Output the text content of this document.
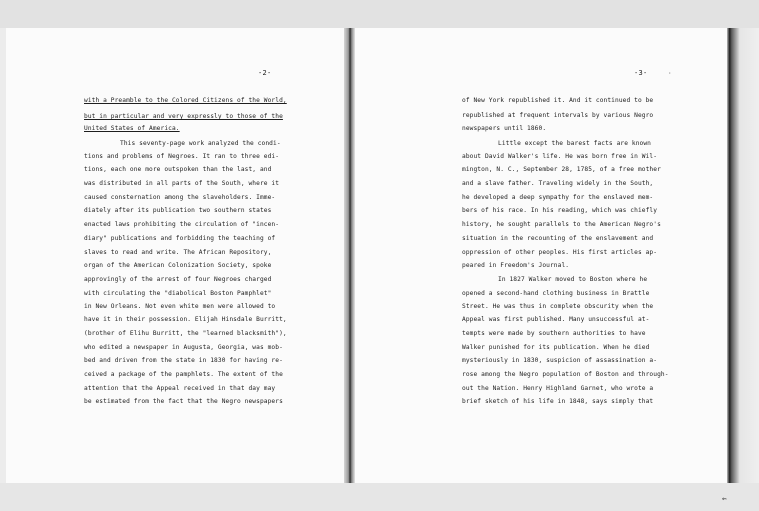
-2-	-3-
with a Preamble to the Colored Citizens of the World,
but in particular and very expressly to those of the
United States of America.
This seventy-page work analyzed the condi-
tions and problems of Negroes. It ran to three edi-
tions, each one more outspoken than the last, and
was distributed in all parts of the South, where it
caused consternation among the slaveholders. Imme-
diately after its publication two southern states
enacted laws prohibiting the circulation of "incen-
diary" publications and forbidding the teaching of
slaves to read and write. The African Repository,
organ of the American Colonization Society, spoke
approvingly of the arrest of four Negroes charged
with circulating the "diabolical Boston Pamphlet"
in New Orleans. Not even white men were allowed to
have it in their possession. Elijah Hinsdale Burritt,
(brother of Elihu Burritt, the "learned blacksmith"),
who edited a newspaper in Augusta, Georgia, was mob-
bed and driven from the state in 1830 for having re-
ceived a package of the pamphlets. The extent of the
attention that the Appeal received in that day may
be estimated from the fact that the Negro newspapers
of New York republished it. And it continued to be
republished at frequent intervals by various Negro
newspapers until 1860.
Little except the barest facts are known
about David Walker's life. He was born free in Wil-
mington, N. C., September 28, 1785, of a free mother
and a slave father. Traveling widely in the South,
he developed a deep sympathy for the enslaved mem-
bers of his race. In his reading, which was chiefly
history, he sought parallels to the American Negro's
situation in the recounting of the enslavement and
oppression of other peoples. His first articles ap-
peared in Freedom's Journal.
In 1827 Walker moved to Boston where he
opened a second-hand clothing business in Brattle
Street. He was thus in complete obscurity when the
Appeal was first published. Many unsuccessful at-
tempts were made by southern authorities to have
Walker punished for its publication. When he died
mysteriously in 1830, suspicion of assassination a-
rose among the Negro population of Boston and through-
out the Nation. Henry Highland Garnet, who wrote a
brief sketch of his life in 1848, says simply that
·
⇜
